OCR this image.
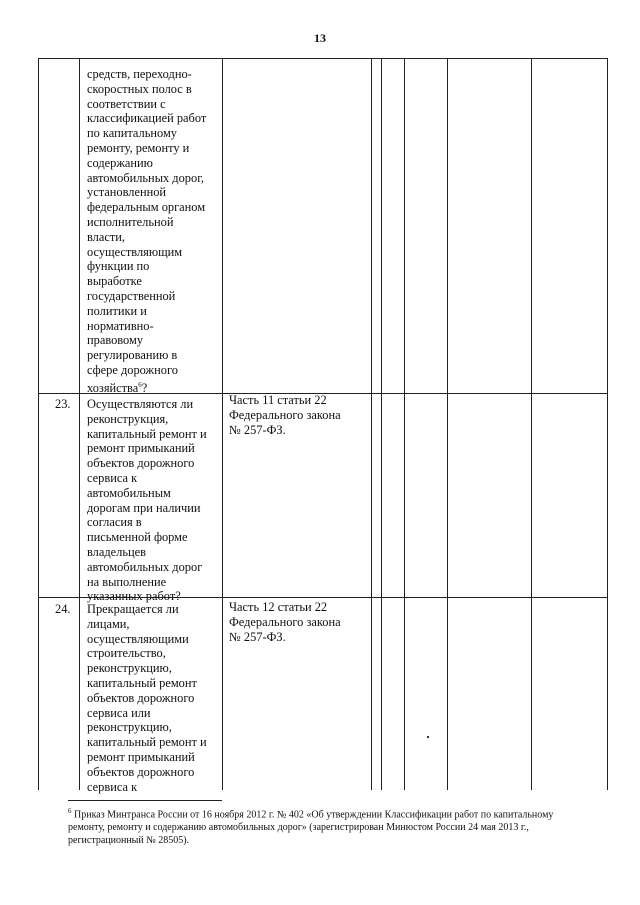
13
средств, переходно-
скоростных полос в
соответствии с
классификацией работ
по капитальному
ремонту, ремонту и
содержанию
автомобильных дорог,
установленной
федеральным органом
исполнительной
власти,
осуществляющим
функции по
выработке
государственной
политики и
нормативно-
правовому
регулированию в
сфере дорожного
хозяйства$^6$?
23. Осуществляются ли
реконструкция,
капитальный ремонт и
ремонт примыканий
объектов дорожного
сервиса к
автомобильным
дорогам при наличии
согласия в
письменной форме
владельцев
автомобильных дорог
на выполнение
указанных работ?
Часть 11 статьи 22
Федерального закона
№ 257-ФЗ.
24. Прекращается ли
лицами,
осуществляющими
строительство,
реконструкцию,
капитальный ремонт
объектов дорожного
сервиса или
реконструкцию,
капитальный ремонт и
ремонт примыканий
объектов дорожного
сервиса к
Часть 12 статьи 22
Федерального закона
№ 257-ФЗ.
$^6$ Приказ Минтранса России от 16 ноября 2012 г. № 402 «Об утверждении Классификации работ по капитальному
ремонту, ремонту и содержанию автомобильных дорог» (зарегистрирован Минюстом России 24 мая 2013 г.,
регистрационный № 28505).
